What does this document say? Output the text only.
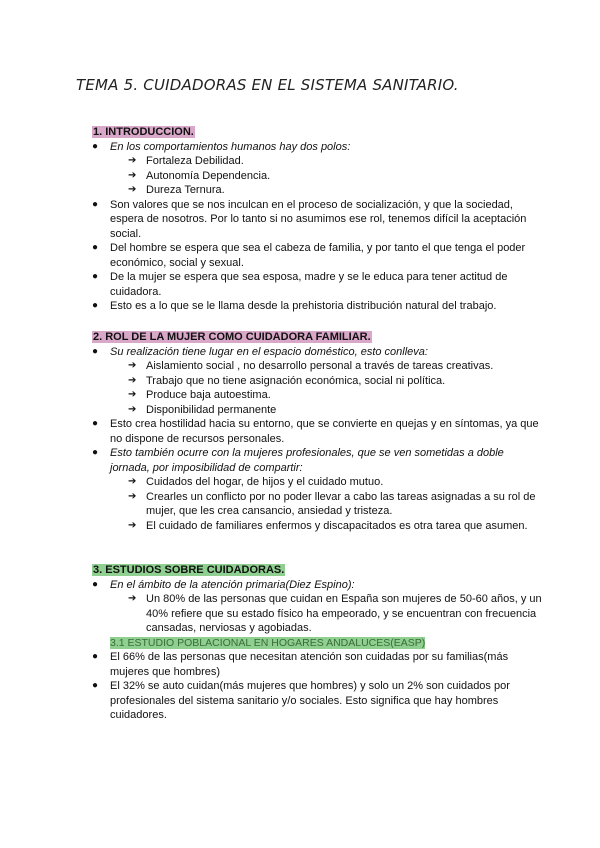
TEMA 5. CUIDADORAS EN EL SISTEMA SANITARIO.
1. INTRODUCCION.
● En los comportamientos humanos hay dos polos:
➔ Fortaleza Debilidad.
➔ Autonomía Dependencia.
➔ Dureza Ternura.
● Son valores que se nos inculcan en el proceso de socialización, y que la sociedad, espera de nosotros. Por lo tanto si no asumimos ese rol, tenemos difícil la aceptación social.
● Del hombre se espera que sea el cabeza de familia, y por tanto el que tenga el poder económico, social y sexual.
● De la mujer se espera que sea esposa, madre y se le educa para tener actitud de cuidadora.
● Esto es a lo que se le llama desde la prehistoria distribución natural del trabajo.
2. ROL DE LA MUJER COMO CUIDADORA FAMILIAR.
● Su realización tiene lugar en el espacio doméstico, esto conlleva:
➔ Aislamiento social , no desarrollo personal a través de tareas creativas.
➔ Trabajo que no tiene asignación económica, social ni política.
➔ Produce baja autoestima.
➔ Disponibilidad permanente
● Esto crea hostilidad hacia su entorno, que se convierte en quejas y en síntomas, ya que no dispone de recursos personales.
● Esto también ocurre con la mujeres profesionales, que se ven sometidas a doble jornada, por imposibilidad de compartir:
➔ Cuidados del hogar, de hijos y el cuidado mutuo.
➔ Crearles un conflicto por no poder llevar a cabo las tareas asignadas a su rol de mujer, que les crea cansancio, ansiedad y tristeza.
➔ El cuidado de familiares enfermos y discapacitados es otra tarea que asumen.
3. ESTUDIOS SOBRE CUIDADORAS.
● En el ámbito de la atención primaria(Diez Espino):
➔ Un 80% de las personas que cuidan en España son mujeres de 50-60 años, y un 40% refiere que su estado físico ha empeorado, y se encuentran con frecuencia cansadas, nerviosas y agobiadas.
3.1 ESTUDIO POBLACIONAL EN HOGARES ANDALUCES(EASP)
● El 66% de las personas que necesitan atención son cuidadas por su familias(más mujeres que hombres)
● El 32% se auto cuidan(más mujeres que hombres) y solo un 2% son cuidados por profesionales del sistema sanitario y/o sociales. Esto significa que hay hombres cuidadores.
